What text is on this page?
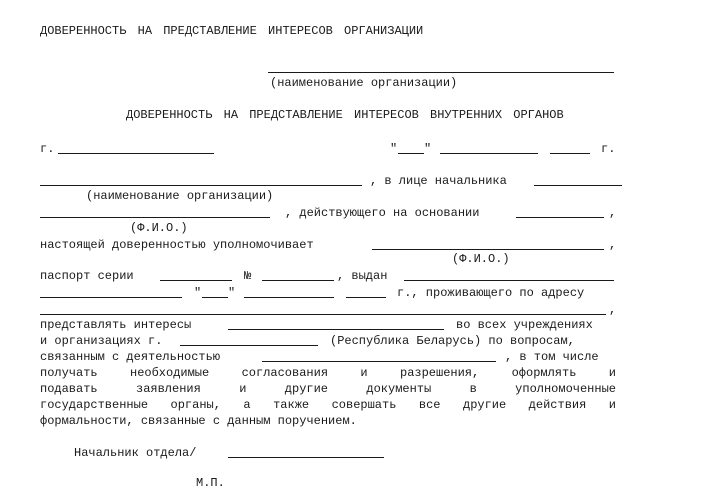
ДОВЕРЕННОСТЬ НА ПРЕДСТАВЛЕНИЕ ИНТЕРЕСОВ ОРГАНИЗАЦИИ
(наименование организации)
ДОВЕРЕННОСТЬ НА ПРЕДСТАВЛЕНИЕ ИНТЕРЕСОВ ВНУТРЕННИХ ОРГАНОВ
г.	" "	г.
, в лице начальника
(наименование организации)
, действующего на основании	,
(Ф.И.О.)
настоящей доверенностью уполномочивает	,
(Ф.И.О.)
паспорт серии	№	, выдан
" "	г., проживающего по адресу
,
представлять интересы	во всех учреждениях
и организациях г.	(Республика Беларусь) по вопросам,
связанным с деятельностью	, в том числе
получать необходимые согласования и разрешения, оформлять и
подавать заявления и другие документы в уполномоченные
государственные органы, а также совершать все другие действия и
формальности, связанные с данным поручением.
Начальник отдела/
М.П.
